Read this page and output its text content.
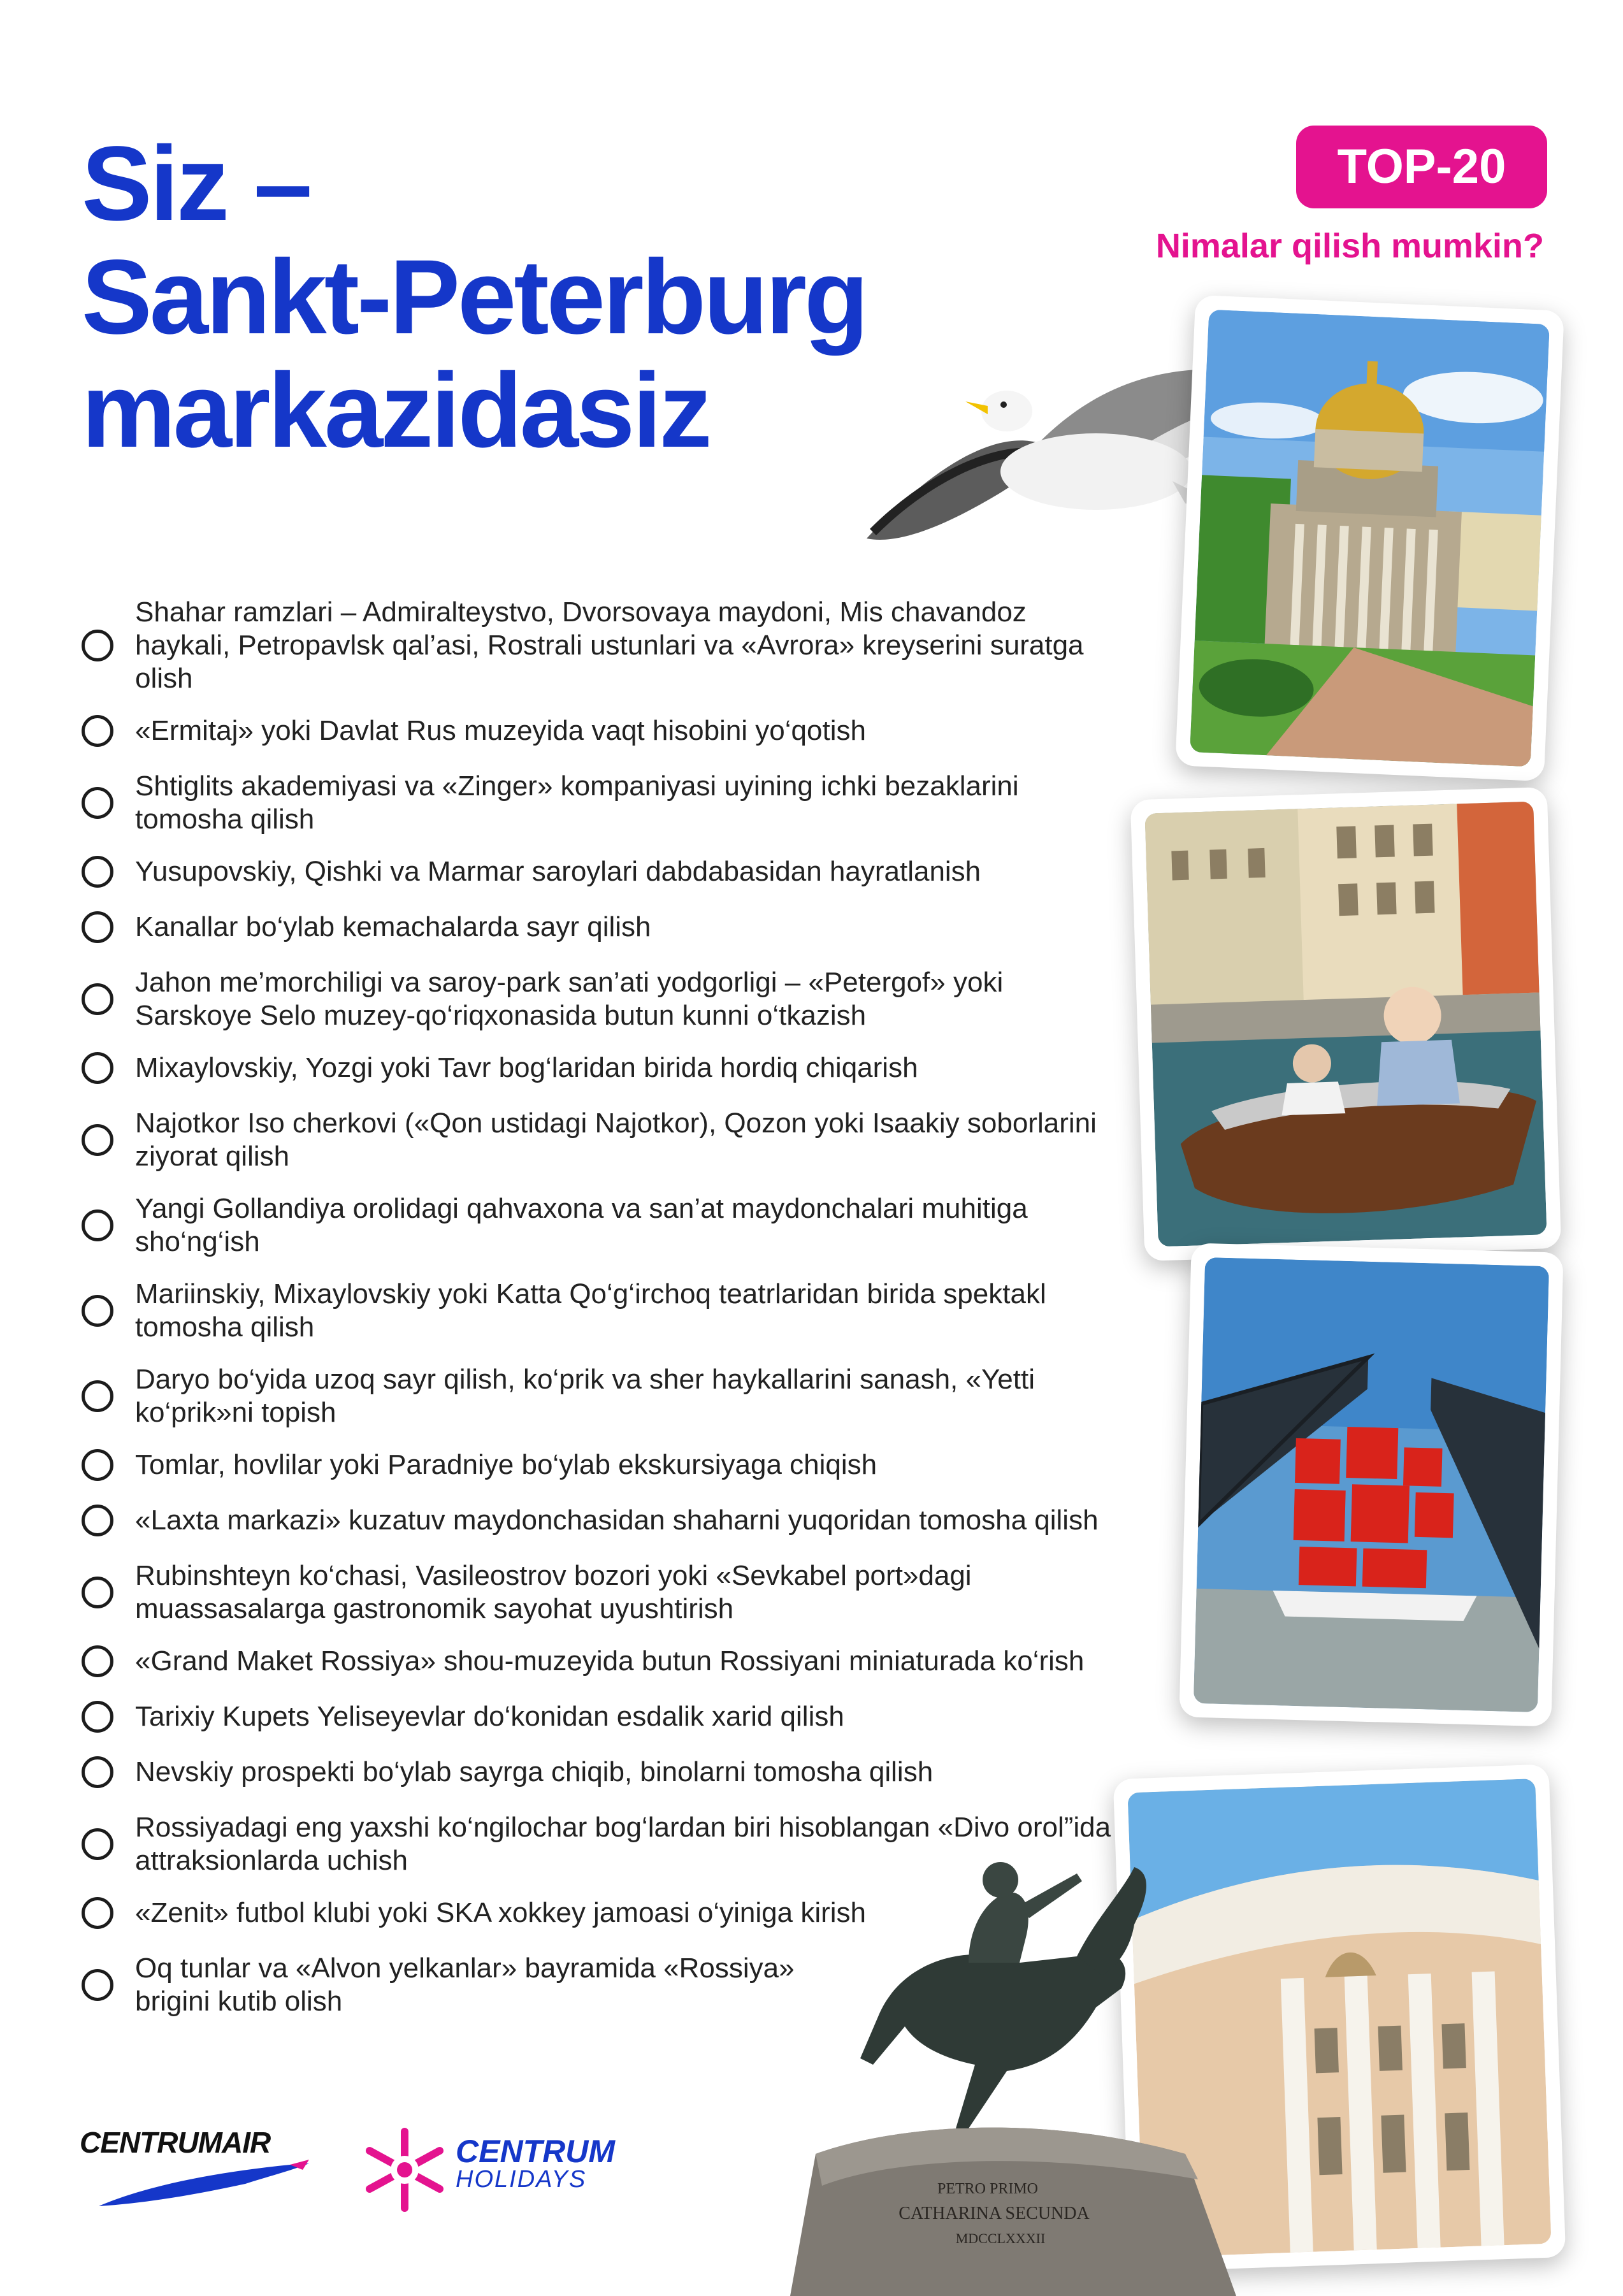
Siz –
Sankt-Peterburg
markazidasiz
TOP-20
Nimalar qilish mumkin?
Shahar ramzlari – Admiralteystvo, Dvorsovaya maydoni, Mis chavandoz haykali, Petropavlsk qal’asi, Rostrali ustunlari va «Avrora» kreyserini suratga olish
«Ermitaj» yoki Davlat Rus muzeyida vaqt hisobini yo‘qotish
Shtiglits akademiyasi va «Zinger» kompaniyasi uyining ichki bezaklarini tomosha qilish
Yusupovskiy, Qishki va Marmar saroylari dabdabasidan hayratlanish
Kanallar bo‘ylab kemachalarda sayr qilish
Jahon me’morchiligi va saroy-park san’ati yodgorligi – «Petergof» yoki Sarskoye Selo muzey-qo‘riqxonasida butun kunni o‘tkazish
Mixaylovskiy, Yozgi yoki Tavr bog‘laridan birida hordiq chiqarish
Najotkor Iso cherkovi («Qon ustidagi Najotkor), Qozon yoki Isaakiy soborlarini ziyorat qilish
Yangi Gollandiya orolidagi qahvaxona va san’at maydonchalari muhitiga sho‘ng‘ish
Mariinskiy, Mixaylovskiy yoki Katta Qo‘g‘irchoq teatrlaridan birida spektakl tomosha qilish
Daryo bo‘yida uzoq sayr qilish, ko‘prik va sher haykallarini sanash, «Yetti ko‘prik»ni topish
Tomlar, hovlilar yoki Paradniye bo‘ylab ekskursiyaga chiqish
«Laxta markazi» kuzatuv maydonchasidan shaharni yuqoridan tomosha qilish
Rubinshteyn ko‘chasi, Vasileostrov bozori yoki «Sevkabel port»dagi muassasalarga gastronomik sayohat uyushtirish
«Grand Maket Rossiya» shou-muzeyida butun Rossiyani miniaturada ko‘rish
Tarixiy Kupets Yeliseyevlar do‘konidan esdalik xarid qilish
Nevskiy prospekti bo‘ylab sayrga chiqib, binolarni tomosha qilish
Rossiyadagi eng yaxshi ko‘ngilochar bog‘lardan biri hisoblangan «Divo orol”ida attraksionlarda uchish
«Zenit» futbol klubi yoki SKA xokkey jamoasi o‘yiniga kirish
Oq tunlar va «Alvon yelkanlar» bayramida «Rossiya» brigini kutib olish
PETRO PRIMO
CATHARINA SECUNDA
MDCCLXXXII
CENTRUMAIR	CENTRUM
HOLIDAYS
